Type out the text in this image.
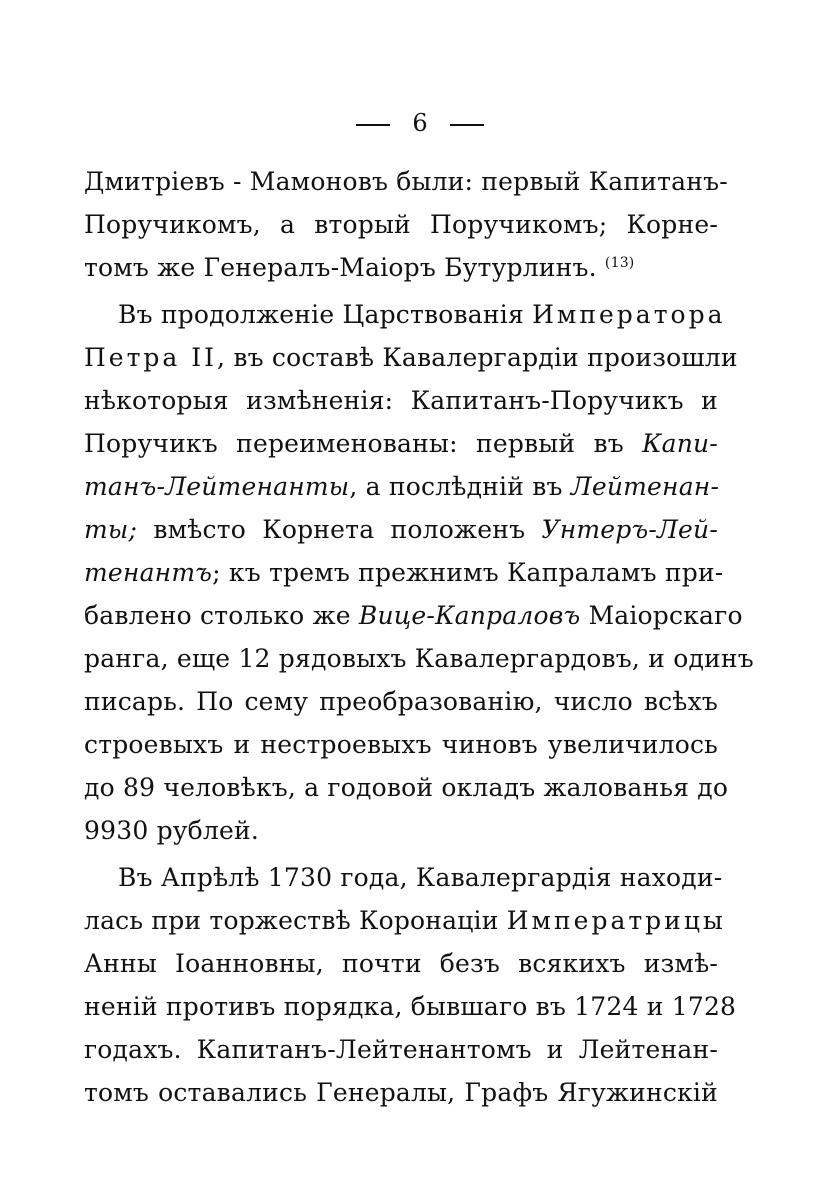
6
Дмитріевъ - Мамоновъ были: первый Капитанъ-
Поручикомъ, а вторый Поручикомъ; Корне-
томъ же Генералъ-Маіоръ Бутурлинъ. $^{(13)}$
Въ продолженіе Царствованія Императора
Петра II, въ составѣ Кавалергардіи произошли
нѣкоторыя измѣненія: Капитанъ-Поручикъ и
Поручикъ переименованы: первый въ Капи-
танъ-Лейтенанты, а послѣдній въ Лейтенан-
ты; вмѣсто Корнета положенъ Унтеръ-Лей-
тенантъ; къ тремъ прежнимъ Капраламъ при-
бавлено столько же Вице-Капраловъ Маіорскаго
ранга, еще 12 рядовыхъ Кавалергардовъ, и одинъ
писарь. По сему преобразованію, число всѣхъ
строевыхъ и нестроевыхъ чиновъ увеличилось
до 89 человѣкъ, а годовой окладъ жалованья до
9930 рублей.
Въ Апрѣлѣ 1730 года, Кавалергардія находи-
лась при торжествѣ Коронаціи Императрицы
Анны Іоанновны, почти безъ всякихъ измѣ-
неній противъ порядка, бывшаго въ 1724 и 1728
годахъ. Капитанъ-Лейтенантомъ и Лейтенан-
томъ оставались Генералы, Графъ Ягужинскій
